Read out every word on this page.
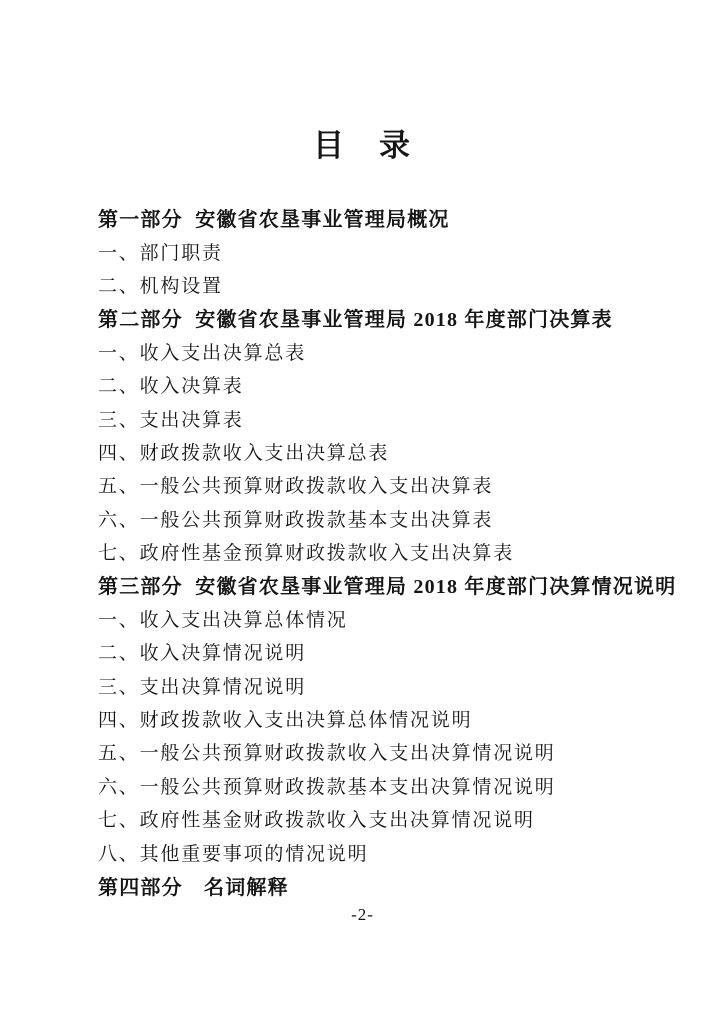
目　录
第一部分  安徽省农垦事业管理局概况
一、部门职责
二、机构设置
第二部分  安徽省农垦事业管理局 2018 年度部门决算表
一、收入支出决算总表
二、收入决算表
三、支出决算表
四、财政拨款收入支出决算总表
五、一般公共预算财政拨款收入支出决算表
六、一般公共预算财政拨款基本支出决算表
七、政府性基金预算财政拨款收入支出决算表
第三部分  安徽省农垦事业管理局 2018 年度部门决算情况说明
一、收入支出决算总体情况
二、收入决算情况说明
三、支出决算情况说明
四、财政拨款收入支出决算总体情况说明
五、一般公共预算财政拨款收入支出决算情况说明
六、一般公共预算财政拨款基本支出决算情况说明
七、政府性基金财政拨款收入支出决算情况说明
八、其他重要事项的情况说明
第四部分　名词解释
-2-
